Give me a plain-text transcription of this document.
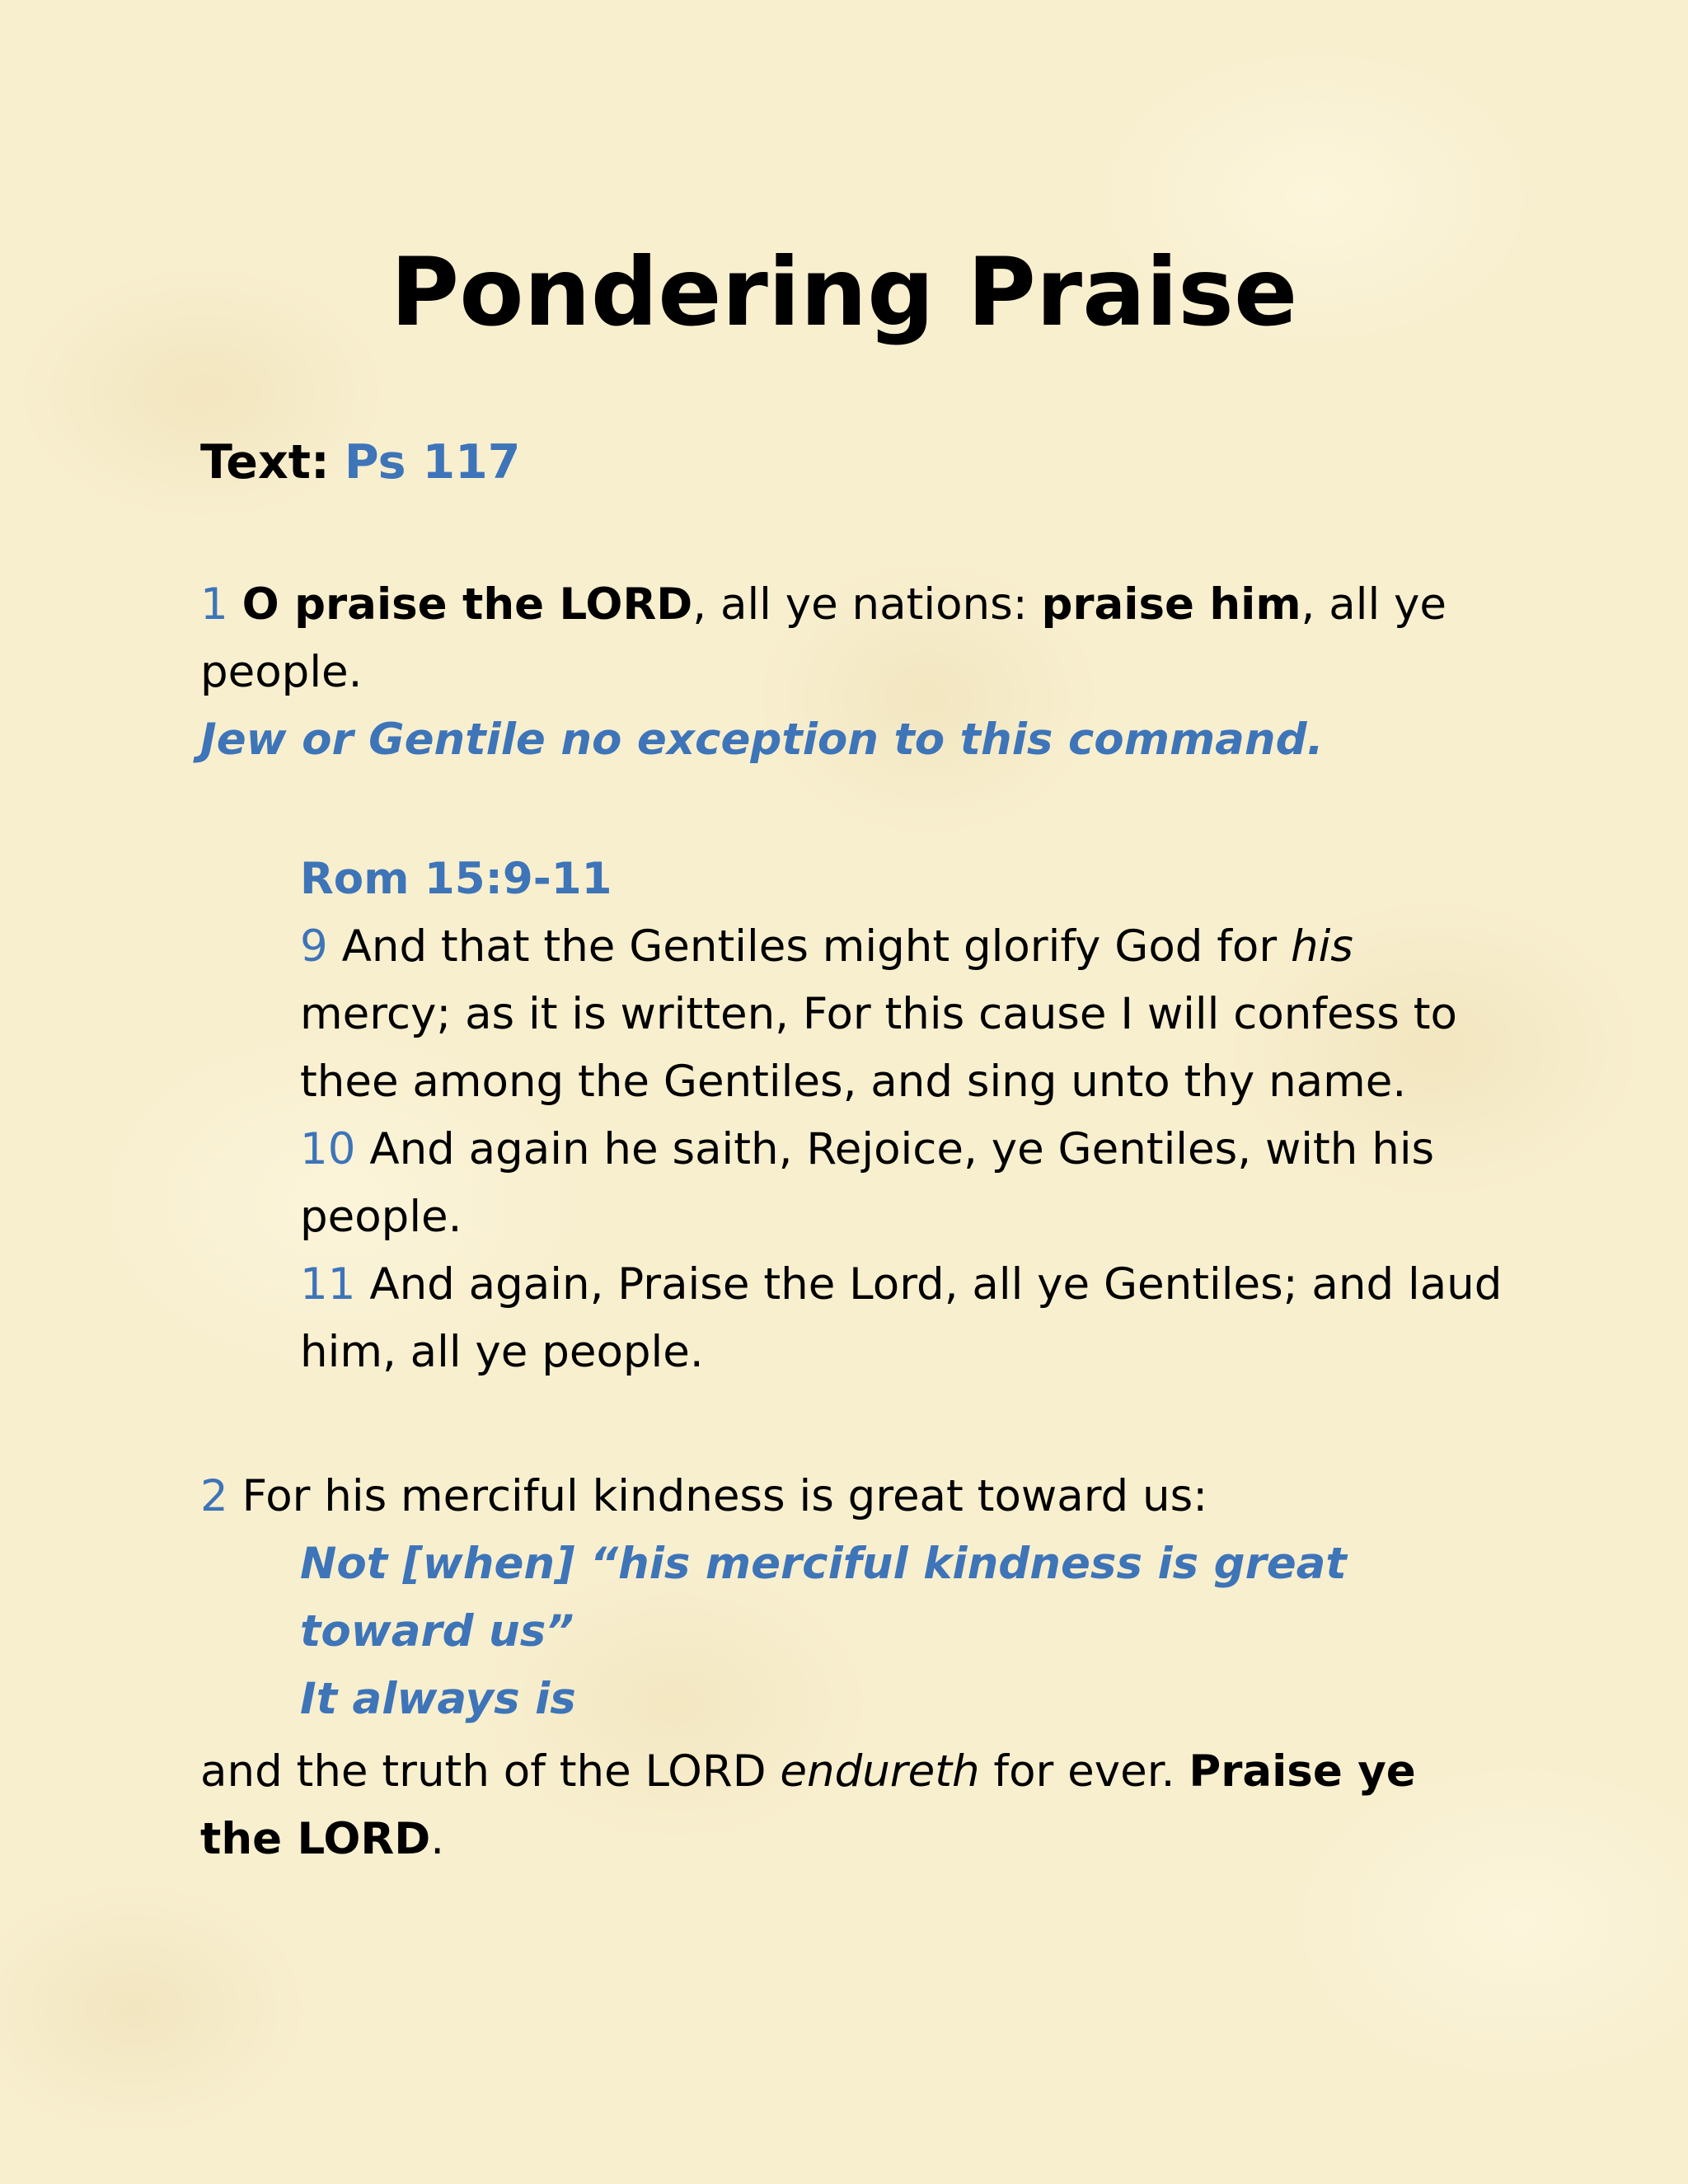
Pondering Praise
Text: Ps 117
1 O praise the LORD, all ye nations: praise him, all ye people.
Jew or Gentile no exception to this command.
Rom 15:9-11
9 And that the Gentiles might glorify God for his mercy; as it is written, For this cause I will confess to thee among the Gentiles, and sing unto thy name.
10 And again he saith, Rejoice, ye Gentiles, with his people.
11 And again, Praise the Lord, all ye Gentiles; and laud him, all ye people.
2 For his merciful kindness is great toward us:
Not [when] “his merciful kindness is great toward us”
It always is
and the truth of the LORD endureth for ever. Praise ye the LORD.
